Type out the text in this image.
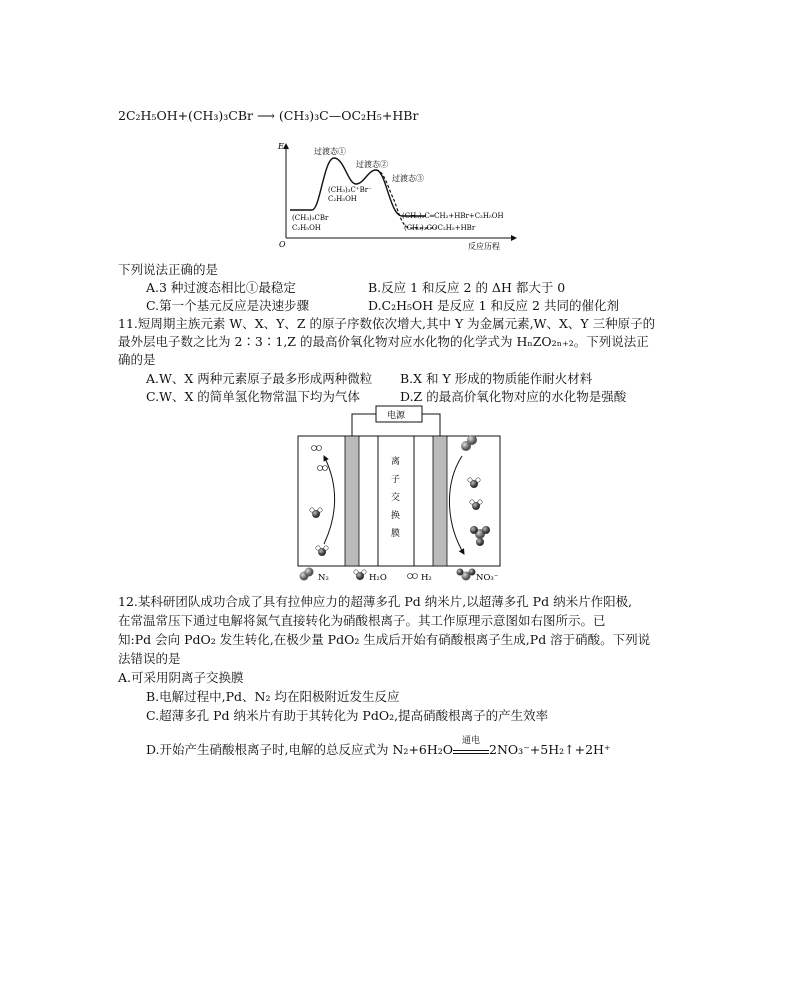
2C₂H₅OH+(CH₃)₃CBr ⟶ (CH₃)₃C—OC₂H₅+HBr
E
O	反应历程
过渡态①
过渡态②
过渡态③
(CH₃)₃C⁺Br⁻
C₂H₅OH
(CH₃)₃CBr
C₂H₅OH
(CH₃)₃C═CH₂+HBr+C₂H₅OH
(CH₃)₃COC₂H₅+HBr
下列说法正确的是
A.3 种过渡态相比①最稳定	B.反应 1 和反应 2 的 ΔH 都大于 0
C.第一个基元反应是决速步骤	D.C₂H₅OH 是反应 1 和反应 2 共同的催化剂
11.短周期主族元素 W、X、Y、Z 的原子序数依次增大,其中 Y 为金属元素,W、X、Y 三种原子的
最外层电子数之比为 2∶3∶1,Z 的最高价氧化物对应水化物的化学式为 HₙZO₂ₙ₊₂。下列说法正
确的是
A.W、X 两种元素原子最多形成两种微粒 B.X 和 Y 形成的物质能作耐火材料
C.W、X 的简单氢化物常温下均为气体	D.Z 的最高价氧化物对应的水化物是强酸
电源
离
子
交
换
膜
N₂	H₂O	H₂	NO₃⁻
12.某科研团队成功合成了具有拉伸应力的超薄多孔 Pd 纳米片,以超薄多孔 Pd 纳米片作阳极,
在常温常压下通过电解将氮气直接转化为硝酸根离子。其工作原理示意图如右图所示。已
知:Pd 会向 PdO₂ 发生转化,在极少量 PdO₂ 生成后开始有硝酸根离子生成,Pd 溶于硝酸。下列说
法错误的是
A.可采用阴离子交换膜
B.电解过程中,Pd、N₂ 均在阳极附近发生反应
C.超薄多孔 Pd 纳米片有助于其转化为 PdO₂,提高硝酸根离子的产生效率
D.开始产生硝酸根离子时,电解的总反应式为 N₂+6H₂O
通电
2NO₃⁻+5H₂↑+2H⁺
